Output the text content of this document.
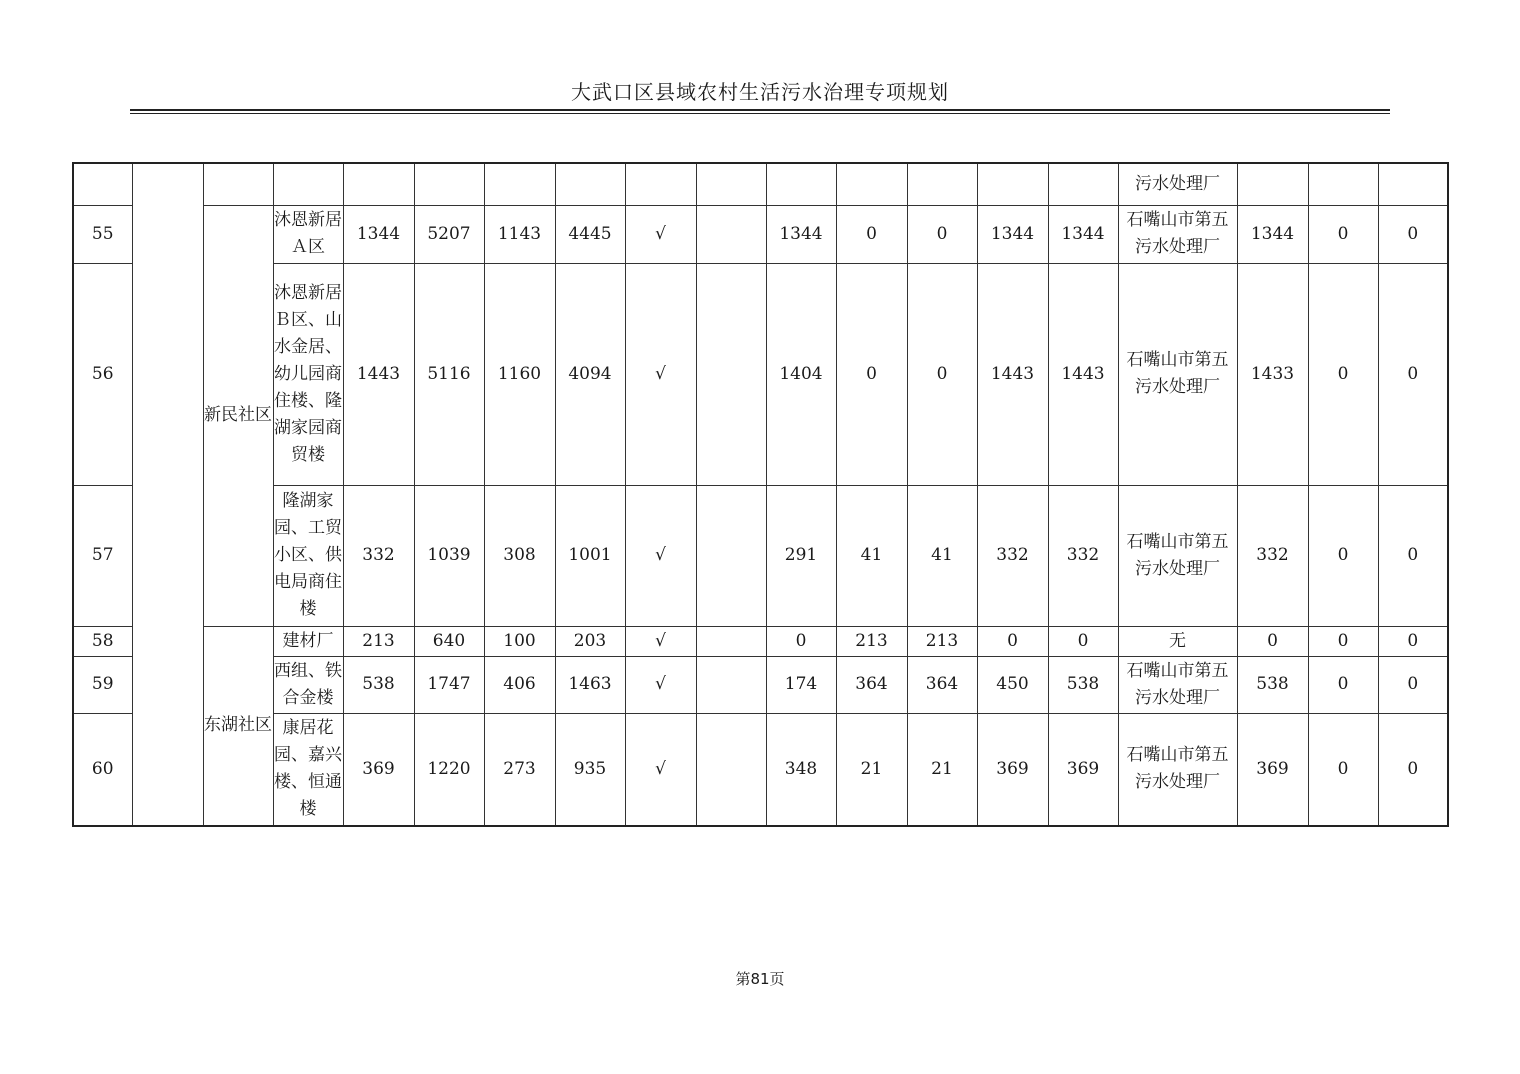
大武口区县域农村生活污水治理专项规划
															污水处理厂			
55		新民社区	沐恩新居Ａ区	1344	5207	1143	4445	√		1344	0	0	1344	1344	石嘴山市第五污水处理厂	1344	0	0
56			沐恩新居Ｂ区、山水金居、幼儿园商住楼、隆湖家园商贸楼	1443	5116	1160	4094	√		1404	0	0	1443	1443	石嘴山市第五污水处理厂	1433	0	0
57			隆湖家园、工贸小区、供电局商住楼	332	1039	308	1001	√		291	41	41	332	332	石嘴山市第五污水处理厂	332	0	0
58		东湖社区	建材厂	213	640	100	203	√		0	213	213	0	0	无	0	0	0
59			西组、铁合金楼	538	1747	406	1463	√		174	364	364	450	538	石嘴山市第五污水处理厂	538	0	0
60			康居花园、嘉兴楼、恒通楼	369	1220	273	935	√		348	21	21	369	369	石嘴山市第五污水处理厂	369	0	0
第81页
